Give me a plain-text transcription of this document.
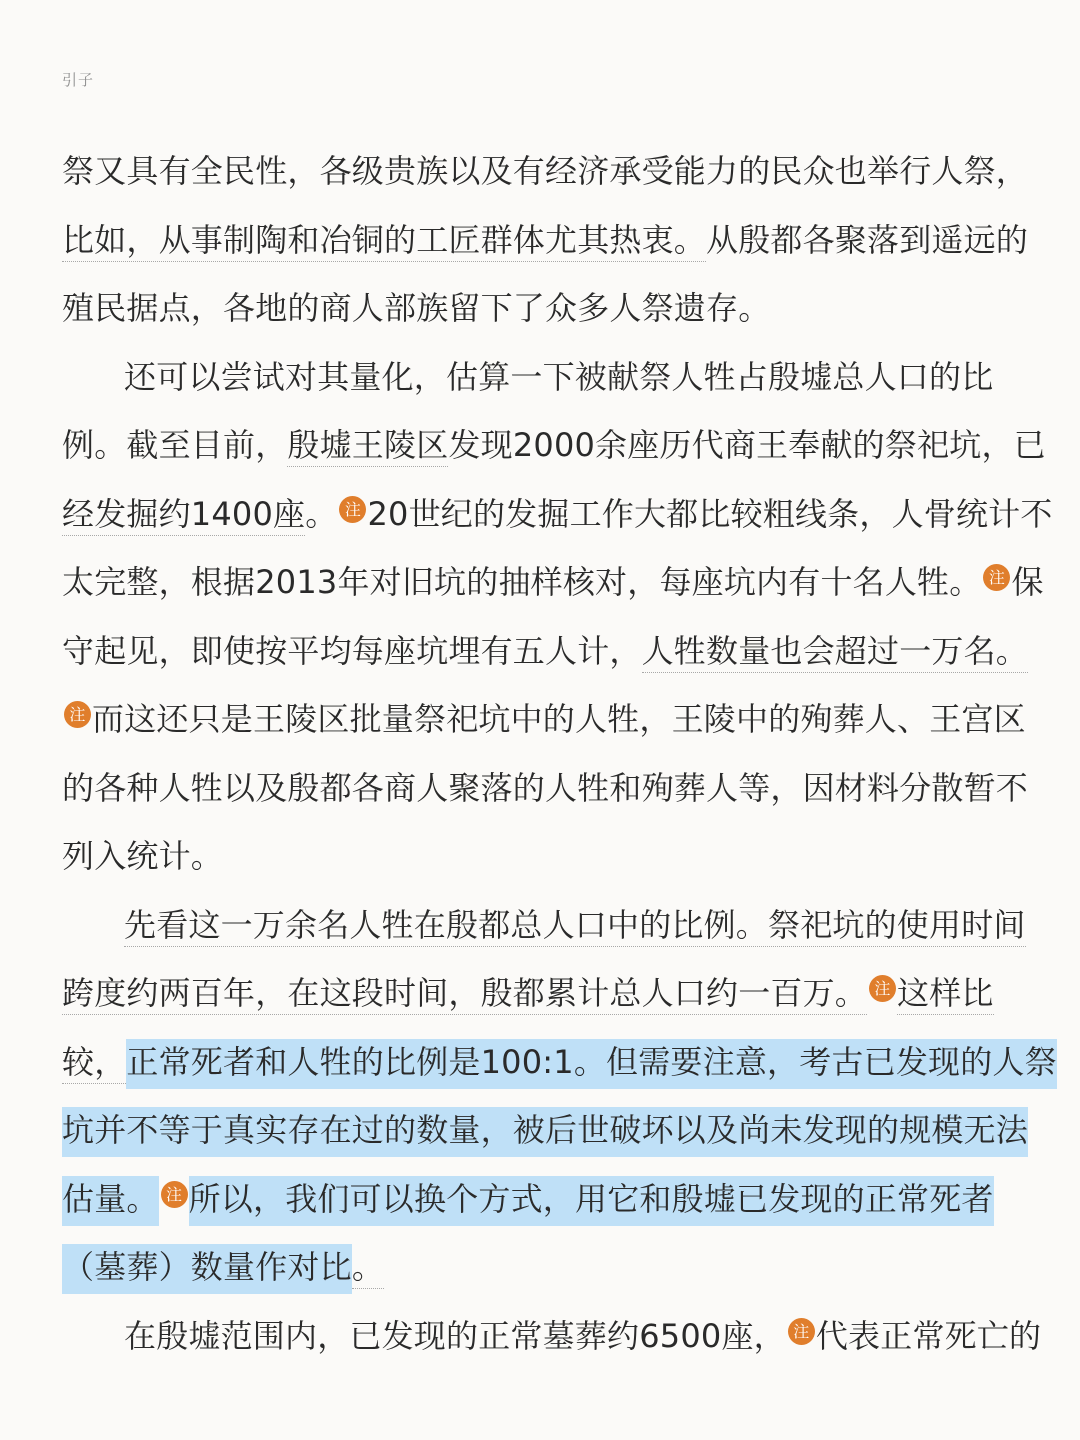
引子
祭又具有全民性，各级贵族以及有经济承受能力的民众也举行人祭，
比如，从事制陶和冶铜的工匠群体尤其热衷。从殷都各聚落到遥远的
殖民据点，各地的商人部族留下了众多人祭遗存。
还可以尝试对其量化，估算一下被献祭人牲占殷墟总人口的比
例。截至目前，殷墟王陵区发现2000余座历代商王奉献的祭祀坑，已
经发掘约1400座。 注 20世纪的发掘工作大都比较粗线条，人骨统计不
太完整，根据2013年对旧坑的抽样核对，每座坑内有十名人牲。 注 保
守起见，即使按平均每座坑埋有五人计，人牲数量也会超过一万名。
注 而这还只是王陵区批量祭祀坑中的人牲，王陵中的殉葬人、王宫区
的各种人牲以及殷都各商人聚落的人牲和殉葬人等，因材料分散暂不
列入统计。
先看这一万余名人牲在殷都总人口中的比例。祭祀坑的使用时间
跨度约两百年，在这段时间，殷都累计总人口约一百万。 注 这样比
较，正常死者和人牲的比例是100:1。但需要注意，考古已发现的人祭
坑并不等于真实存在过的数量，被后世破坏以及尚未发现的规模无法
估量。 注 所以，我们可以换个方式，用它和殷墟已发现的正常死者
（墓葬）数量作对比。
在殷墟范围内，已发现的正常墓葬约6500座， 注 代表正常死亡的
